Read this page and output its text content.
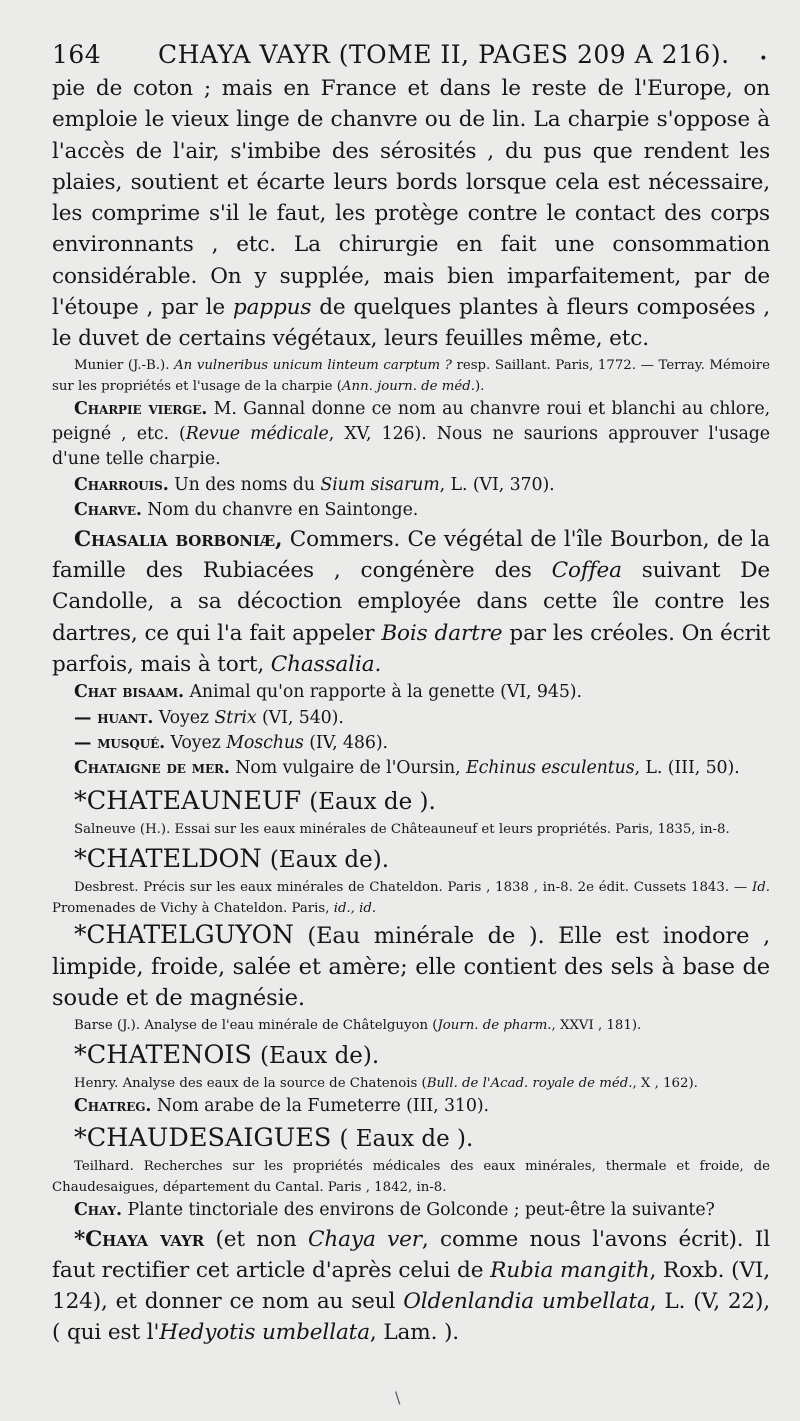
164	CHAYA VAYR (TOME II, PAGES 209 A 216). •

pie de coton ; mais en France et dans le reste de l'Europe, on emploie le vieux linge de chanvre ou de lin. La charpie s'oppose à l'accès de l'air, s'imbibe des sérosités , du pus que rendent les plaies, soutient et écarte leurs bords lorsque cela est nécessaire, les comprime s'il le faut, les protège contre le contact des corps environnants , etc. La chirurgie en fait une consommation considérable. On y supplée, mais bien imparfaitement, par de l'étoupe , par le pappus de quelques plantes à fleurs composées , le duvet de certains végétaux, leurs feuilles même, etc.

Munier (J.-B.). An vulneribus unicum linteum carptum ? resp. Saillant. Paris, 1772. — Terray. Mémoire sur les propriétés et l'usage de la charpie (Ann. journ. de méd.).

Charpie vierge. M. Gannal donne ce nom au chanvre roui et blanchi au chlore, peigné , etc. (Revue médicale, XV, 126). Nous ne saurions approuver l'usage d'une telle charpie.

Charrouis. Un des noms du Sium sisarum, L. (VI, 370).

Charve. Nom du chanvre en Saintonge.

Chasalia borboniæ, Commers. Ce végétal de l'île Bourbon, de la famille des Rubiacées , congénère des Coffea suivant De Candolle, a sa décoction employée dans cette île contre les dartres, ce qui l'a fait appeler Bois dartre par les créoles. On écrit parfois, mais à tort, Chassalia.

Chat bisaam. Animal qu'on rapporte à la genette (VI, 945).

— huant. Voyez Strix (VI, 540).

— musqué. Voyez Moschus (IV, 486).

Chataigne de mer. Nom vulgaire de l'Oursin, Echinus esculentus, L. (III, 50).

*CHATEAUNEUF (Eaux de ).

Salneuve (H.). Essai sur les eaux minérales de Châteauneuf et leurs propriétés. Paris, 1835, in-8.

*CHATELDON (Eaux de).

Desbrest. Précis sur les eaux minérales de Chateldon. Paris , 1838 , in-8. 2e édit. Cussets 1843. — Id. Promenades de Vichy à Chateldon. Paris, id., id.

*CHATELGUYON (Eau minérale de ). Elle est inodore , limpide, froide, salée et amère; elle contient des sels à base de soude et de magnésie.

Barse (J.). Analyse de l'eau minérale de Châtelguyon (Journ. de pharm., XXVI , 181).

*CHATENOIS (Eaux de).

Henry. Analyse des eaux de la source de Chatenois (Bull. de l'Acad. royale de méd., X , 162).

Chatreg. Nom arabe de la Fumeterre (III, 310).

*CHAUDESAIGUES ( Eaux de ).

Teilhard. Recherches sur les propriétés médicales des eaux minérales, thermale et froide, de Chaudesaigues, département du Cantal. Paris , 1842, in-8.

Chay. Plante tinctoriale des environs de Golconde ; peut-être la suivante?

*Chaya vayr (et non Chaya ver, comme nous l'avons écrit). Il faut rectifier cet article d'après celui de Rubia mangith, Roxb. (VI, 124), et donner ce nom au seul Oldenlandia umbellata, L. (V, 22), ( qui est l'Hedyotis umbellata, Lam. ).

\
